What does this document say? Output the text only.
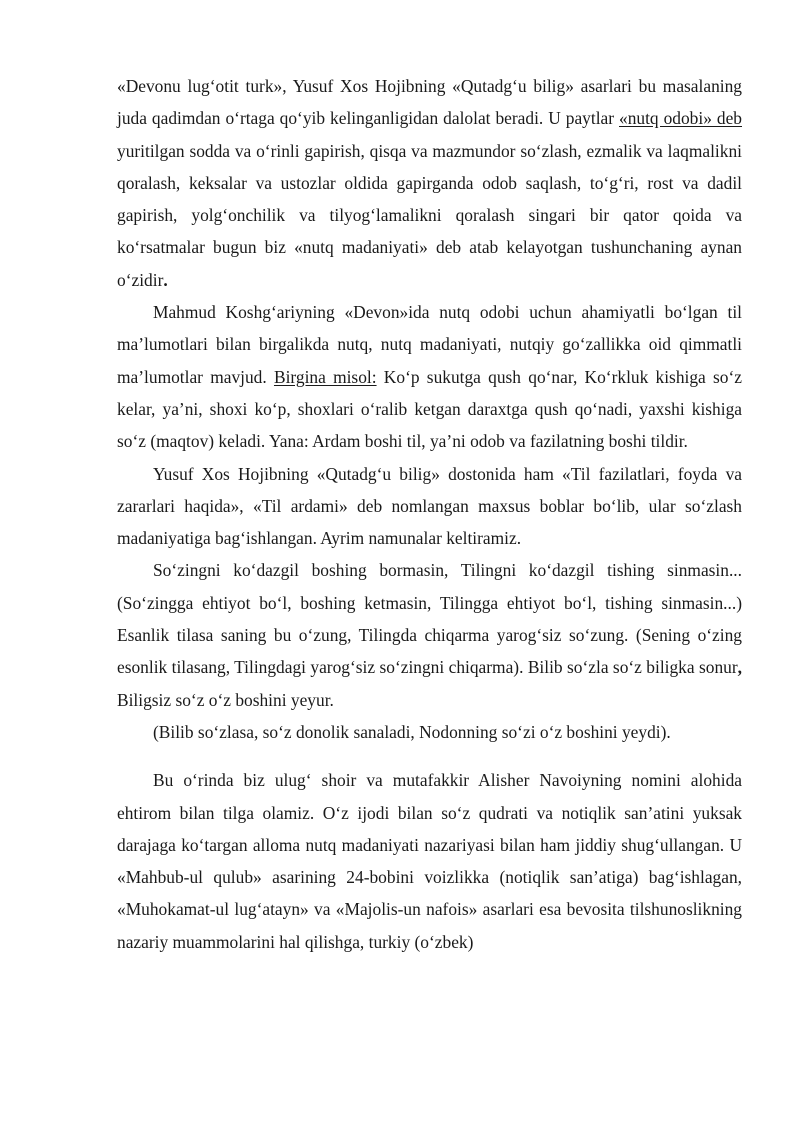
«Devonu lug‘otit turk», Yusuf Xos Hojibning «Qutadg‘u bilig» asarlari bu masalaning juda qadimdan o‘rtaga qo‘yib kelinganligidan dalolat beradi. U paytlar «nutq odobi» deb yuritilgan sodda va o‘rinli gapirish, qisqa va mazmundor so‘zlash, ezmalik va laqmalikni qoralash, keksalar va ustozlar oldida gapirganda odob saqlash, to‘g‘ri, rost va dadil gapirish, yolg‘onchilik va tilyog‘lamalikni qoralash singari bir qator qoida va ko‘rsatmalar bugun biz «nutq madaniyati» deb atab kelayotgan tushunchaning aynan o‘zidir.

Mahmud Koshg‘ariyning «Devon»ida nutq odobi uchun ahamiyatli bo‘lgan til ma’lumotlari bilan birgalikda nutq, nutq madaniyati, nutqiy go‘zallikka oid qimmatli ma’lumotlar mavjud. Birgina misol: Ko‘p sukutga qush qo‘nar, Ko‘rkluk kishiga so‘z kelar, ya’ni, shoxi ko‘p, shoxlari o‘ralib ketgan daraxtga qush qo‘nadi, yaxshi kishiga so‘z (maqtov) keladi. Yana: Ardam boshi til, ya’ni odob va fazilatning boshi tildir.

Yusuf Xos Hojibning «Qutadg‘u bilig» dostonida ham «Til fazilatlari, foyda va zararlari haqida», «Til ardami» deb nomlangan maxsus boblar bo‘lib, ular so‘zlash madaniyatiga bag‘ishlangan. Ayrim namunalar keltiramiz.

So‘zingni ko‘dazgil boshing bormasin, Tilingni ko‘dazgil tishing sinmasin... (So‘zingga ehtiyot bo‘l, boshing ketmasin, Tilingga ehtiyot bo‘l, tishing sinmasin...) Esanlik tilasa saning bu o‘zung, Tilingda chiqarma yarog‘siz so‘zung. (Sening o‘zing esonlik tilasang, Tilingdagi yarog‘siz so‘zingni chiqarma). Bilib so‘zla so‘z biligka sonur, Biligsiz so‘z o‘z boshini yeyur.

(Bilib so‘zlasa, so‘z donolik sanaladi, Nodonning so‘zi o‘z boshini yeydi).

Bu o‘rinda biz ulug‘ shoir va mutafakkir Alisher Navoiyning nomini alohida ehtirom bilan tilga olamiz. O‘z ijodi bilan so‘z qudrati va notiqlik san’atini yuksak darajaga ko‘targan alloma nutq madaniyati nazariyasi bilan ham jiddiy shug‘ullangan. U «Mahbub-ul qulub» asarining 24-bobini voizlikka (notiqlik san’atiga) bag‘ishlagan, «Muhokamat-ul lug‘atayn» va «Majolis-un nafois» asarlari esa bevosita tilshunoslikning nazariy muammolarini hal qilishga, turkiy (o‘zbek)
